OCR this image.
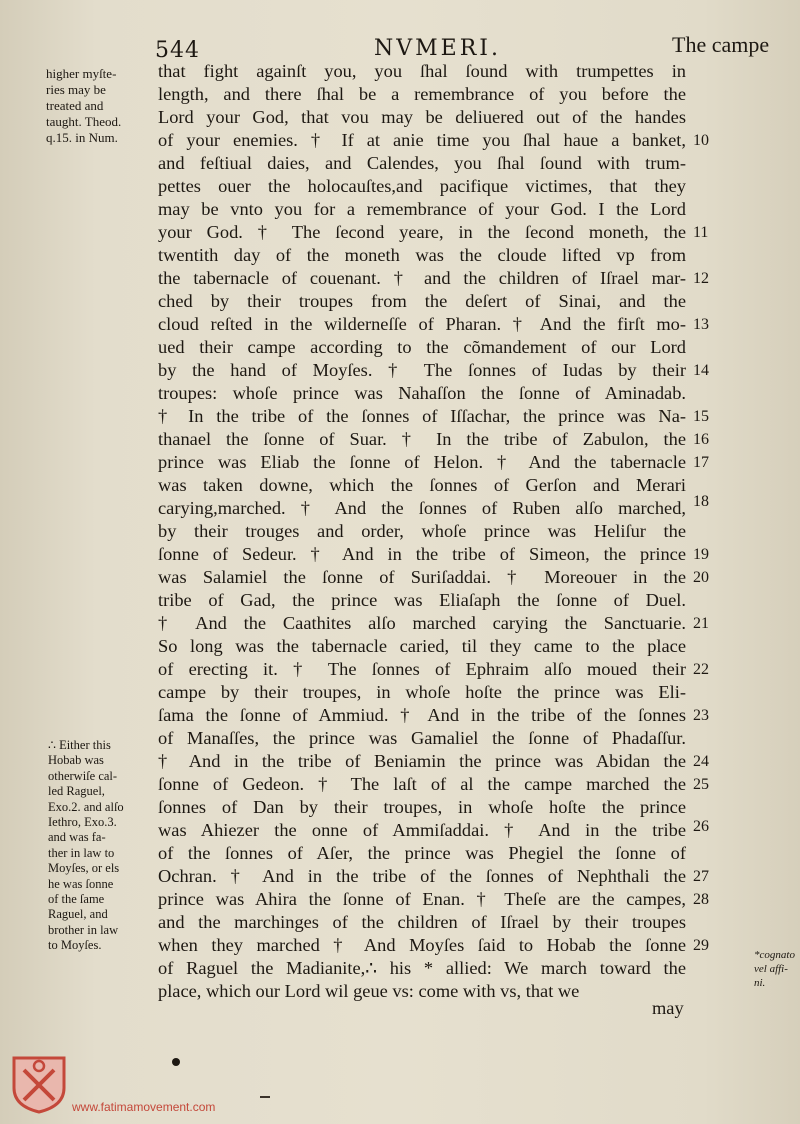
544	NVMERI.	The campe
that fight againſt you, you ſhal ſound with trumpettes in
length, and there ſhal be a remembrance of you before the
Lord your God, that vou may be deliuered out of the handes
of your enemies. † If at anie time you ſhal haue a banket,
and feſtiual daies, and Calendes, you ſhal ſound with trum-
pettes ouer the holocauſtes,and pacifique victimes, that they
may be vnto you for a remembrance of your God. I the Lord
your God. † The ſecond yeare, in the ſecond moneth, the
twentith day of the moneth was the cloude lifted vp from
the tabernacle of couenant. † and the children of Iſrael mar-
ched by their troupes from the deſert of Sinai, and the
cloud reſted in the wilderneſſe of Pharan. † And the firſt mo-
ued their campe according to the cõmandement of our Lord
by the hand of Moyſes. † The ſonnes of Iudas by their
troupes: whoſe prince was Nahaſſon the ſonne of Aminadab.
† In the tribe of the ſonnes of Iſſachar, the prince was Na-
thanael the ſonne of Suar. † In the tribe of Zabulon, the
prince was Eliab the ſonne of Helon. † And the tabernacle
was taken downe, which the ſonnes of Gerſon and Merari
carying,marched. † And the ſonnes of Ruben alſo marched,
by their trouges and order, whoſe prince was Heliſur the
ſonne of Sedeur. † And in the tribe of Simeon, the prince
was Salamiel the ſonne of Suriſaddai. † Moreouer in the
tribe of Gad, the prince was Eliaſaph the ſonne of Duel.
† And the Caathites alſo marched carying the Sanctuarie.
So long was the tabernacle caried, til they came to the place
of erecting it. † The ſonnes of Ephraim alſo moued their
campe by their troupes, in whoſe hoſte the prince was Eli-
ſama the ſonne of Ammiud. † And in the tribe of the ſonnes
of Manaſſes, the prince was Gamaliel the ſonne of Phadaſſur.
† And in the tribe of Beniamin the prince was Abidan the
ſonne of Gedeon. † The laſt of al the campe marched the
ſonnes of Dan by their troupes, in whoſe hoſte the prince
was Ahiezer the onne of Ammiſaddai. † And in the tribe
of the ſonnes of Aſer, the prince was Phegiel the ſonne of
Ochran. † And in the tribe of the ſonnes of Nephthali the
prince was Ahira the ſonne of Enan. † Theſe are the campes,
and the marchinges of the children of Iſrael by their troupes
when they marched † And Moyſes ſaid to Hobab the ſonne
of Raguel the Madianite,∴ his * allied: We march toward the
place, which our Lord wil geue vs: come with vs, that we
may
10
11
12
13
14
15
16
17
18
19
20
21
22
23
24
25
26
27
28
29
higher myſte-
ries may be
treated and
taught. Theod.
q.15. in Num.
∴ Either this
Hobab was
otherwiſe cal-
led Raguel,
Exo.2. and alſo
Iethro, Exo.3.
and was fa-
ther in law to
Moyſes, or els
he was ſonne
of the ſame
Raguel, and
brother in law
to Moyſes.
*cognato
vel affi-
ni.
www.fatimamovement.com
